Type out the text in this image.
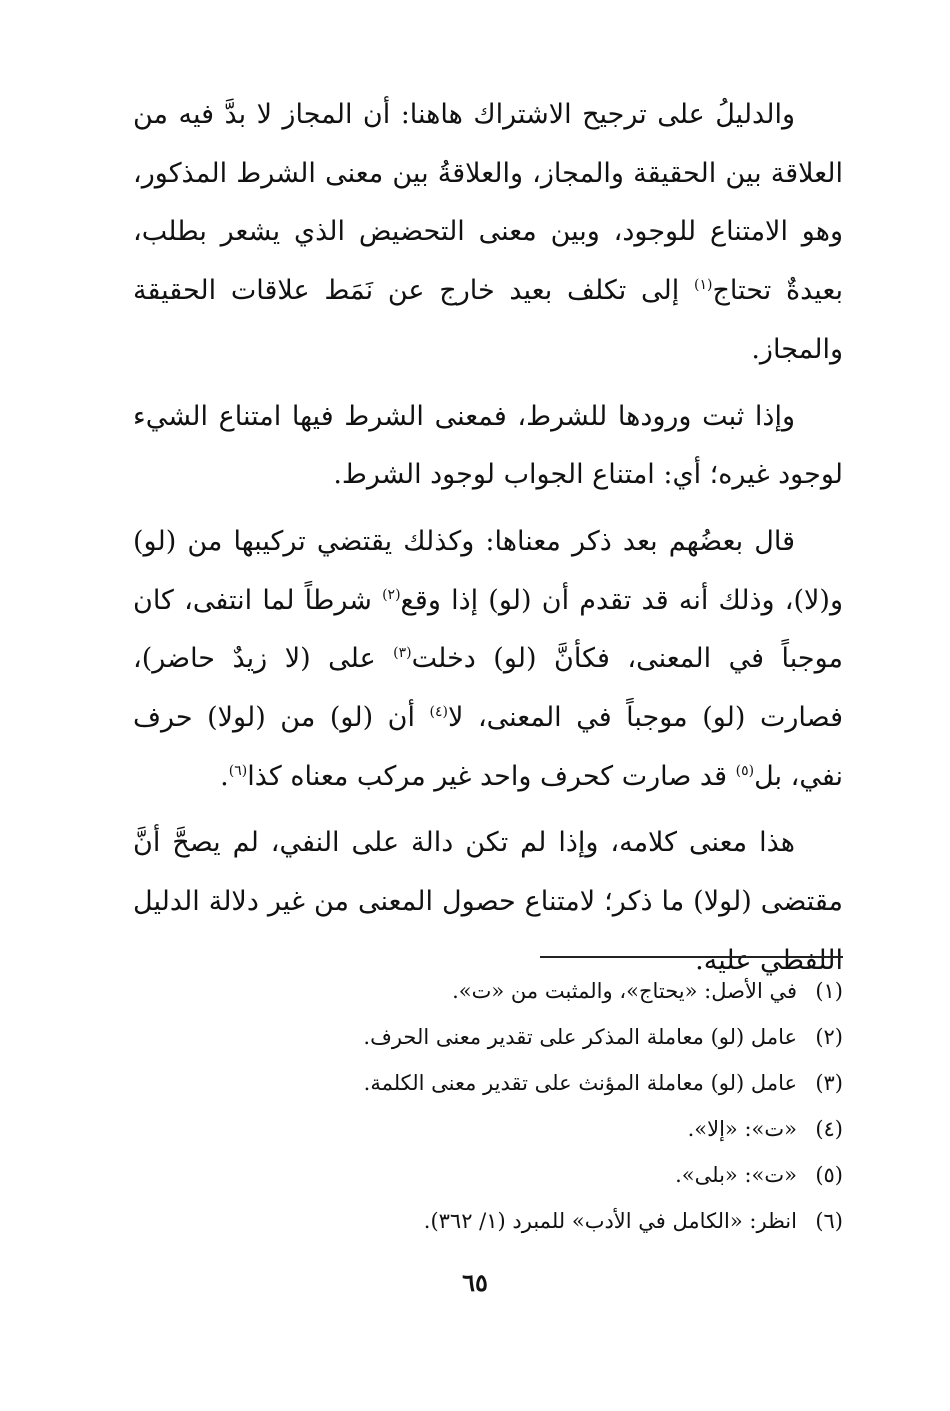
والدليلُ على ترجيح الاشتراك هاهنا: أن المجاز لا بدَّ فيه من العلاقة بين الحقيقة والمجاز، والعلاقةُ بين معنى الشرط المذكور، وهو الامتناع للوجود، وبين معنى التحضيض الذي يشعر بطلب، بعيدةٌ تحتاج$^{(١)}$ إلى تكلف بعيد خارج عن نَمَط علاقات الحقيقة والمجاز.

وإذا ثبت ورودها للشرط، فمعنى الشرط فيها امتناع الشيء لوجود غيره؛ أي: امتناع الجواب لوجود الشرط.

قال بعضُهم بعد ذكر معناها: وكذلك يقتضي تركيبها من (لو) و(لا)، وذلك أنه قد تقدم أن (لو) إذا وقع$^{(٢)}$ شرطاً لما انتفى، كان موجباً في المعنى، فكأنَّ (لو) دخلت$^{(٣)}$ على (لا زيدٌ حاضر)، فصارت (لو) موجباً في المعنى، لا$^{(٤)}$ أن (لو) من (لولا) حرف نفي، بل$^{(٥)}$ قد صارت كحرف واحد غير مركب معناه كذا$^{(٦)}$.

هذا معنى كلامه، وإذا لم تكن دالة على النفي، لم يصحَّ أنَّ مقتضى (لولا) ما ذكر؛ لامتناع حصول المعنى من غير دلالة الدليل اللفظي عليه.

(١)في الأصل: «يحتاج»، والمثبت من «ت».
(٢)عامل (لو) معاملة المذكر على تقدير معنى الحرف.
(٣)عامل (لو) معاملة المؤنث على تقدير معنى الكلمة.
(٤)«ت»: «إلا».
(٥)«ت»: «بلى».
(٦)انظر: «الكامل في الأدب» للمبرد (١/ ٣٦٢).
٦٥
